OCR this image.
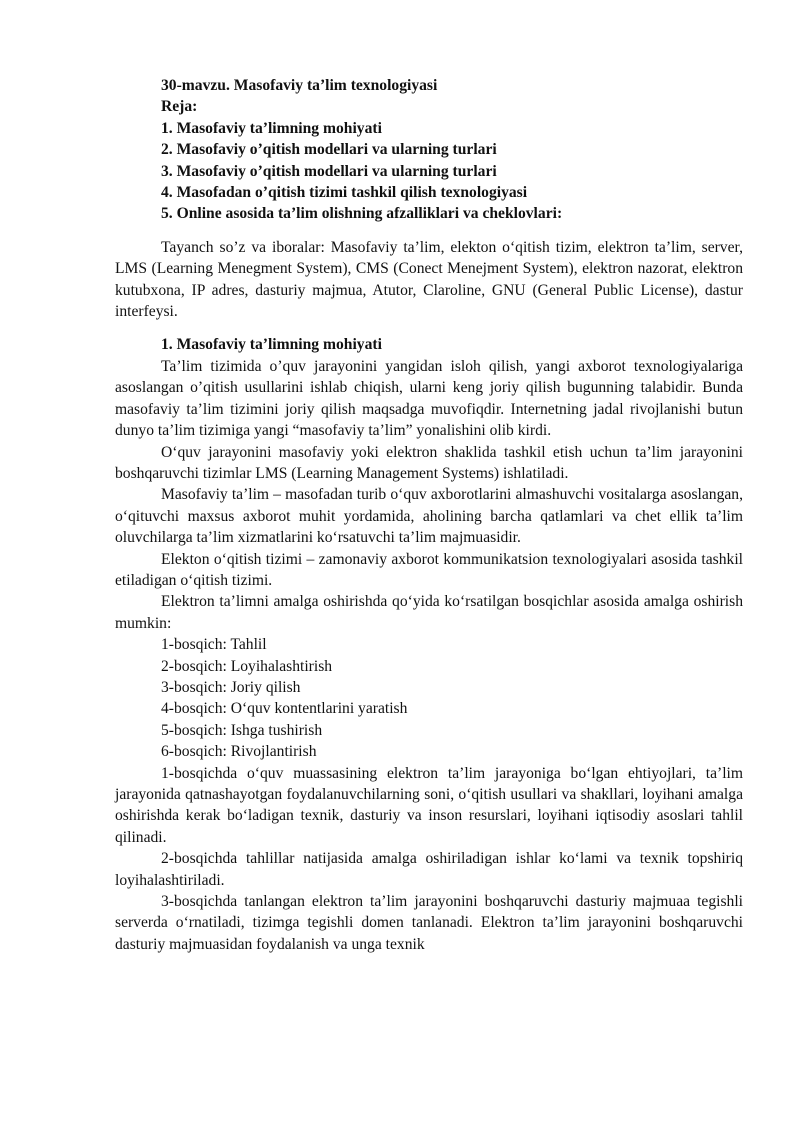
30-mavzu. Masofaviy ta’lim texnologiyasi

Reja:

1. Masofaviy ta’limning mohiyati

2. Masofaviy o’qitish modellari va ularning turlari

3. Masofaviy o’qitish modellari va ularning turlari

4. Masofadan o’qitish tizimi tashkil qilish texnologiyasi

5. Online asosida ta’lim olishning afzalliklari va cheklovlari:

Tayanch so’z va iboralar: Masofaviy ta’lim, elekton o‘qitish tizim, elektron ta’lim, server, LMS (Learning Menegment System), CMS (Conect Menejment System), elektron nazorat, elektron kutubxona, IP adres, dasturiy majmua, Atutor, Claroline, GNU (General Public License), dastur interfeysi.

1. Masofaviy ta’limning mohiyati

Ta’lim tizimida o’quv jarayonini yangidan isloh qilish, yangi axborot texnologiyalariga asoslangan o’qitish usullarini ishlab chiqish, ularni keng joriy qilish bugunning talabidir. Bunda masofaviy ta’lim tizimini joriy qilish maqsadga muvofiqdir. Internetning jadal rivojlanishi butun dunyo ta’lim tizimiga yangi “masofaviy ta’lim” yonalishini olib kirdi.

O‘quv jarayonini masofaviy yoki elektron shaklida tashkil etish uchun ta’lim jarayonini boshqaruvchi tizimlar LMS (Learning Management Systems) ishlatiladi.

Masofaviy ta’lim – masofadan turib o‘quv axborotlarini almashuvchi vositalarga asoslangan, o‘qituvchi maxsus axborot muhit yordamida, aholining barcha qatlamlari va chet ellik ta’lim oluvchilarga ta’lim xizmatlarini ko‘rsatuvchi ta’lim majmuasidir.

Elekton o‘qitish tizimi – zamonaviy axborot kommunikatsion texnologiyalari asosida tashkil etiladigan o‘qitish tizimi.

Elektron ta’limni amalga oshirishda qo‘yida ko‘rsatilgan bosqichlar asosida amalga oshirish mumkin:

1-bosqich: Tahlil

2-bosqich: Loyihalashtirish

3-bosqich: Joriy qilish

4-bosqich: O‘quv kontentlarini yaratish

5-bosqich: Ishga tushirish

6-bosqich: Rivojlantirish

1-bosqichda o‘quv muassasining elektron ta’lim jarayoniga bo‘lgan ehtiyojlari, ta’lim jarayonida qatnashayotgan foydalanuvchilarning soni, o‘qitish usullari va shakllari, loyihani amalga oshirishda kerak bo‘ladigan texnik, dasturiy va inson resurslari, loyihani iqtisodiy asoslari tahlil qilinadi.

2-bosqichda tahlillar natijasida amalga oshiriladigan ishlar ko‘lami va texnik topshiriq loyihalashtiriladi.

3-bosqichda tanlangan elektron ta’lim jarayonini boshqaruvchi dasturiy majmuaa tegishli serverda o‘rnatiladi, tizimga tegishli domen tanlanadi. Elektron ta’lim jarayonini boshqaruvchi dasturiy majmuasidan foydalanish va unga texnik
